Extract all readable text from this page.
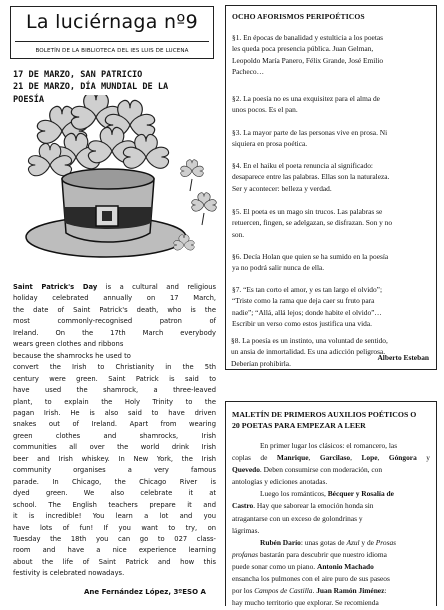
La luciérnaga nº9
BOLETÍN DE LA BIBLIOTECA DEL IES LUIS DE LUCENA
17 DE MARZO, SAN PATRICIO
21 DE MARZO, DÍA MUNDIAL DE LA
POESÍA
Saint Patrick's Day is a cultural and religious
holiday celebrated annually on 17 March,
the date of Saint Patrick's death, who is the
most commonly-recognised patron of
Ireland. On the 17th March everybody
wears green clothes and ribbons
because the shamrocks he used to
convert the Irish to Christianity in the 5th
century were green. Saint Patrick is said to
have used the shamrock, a three-leaved
plant, to explain the Holy Trinity to the
pagan Irish. He is also said to have driven
snakes out of Ireland. Apart from wearing
green clothes and shamrocks, Irish
communities all over the world drink Irish
beer and Irish whiskey. In New York, the Irish
community organises a very famous
parade. In Chicago, the Chicago River is
dyed green. We also celebrate it at
school. The English teachers prepare it and
it is incredible! You learn a lot and you
have lots of fun! If you want to try, on
Tuesday the 18th you can go to 027 class-
room and have a nice experience learning
about the life of Saint Patrick and how this
festivity is celebrated nowadays.
Ane Fernández López, 3ºESO A
OCHO AFORISMOS PERIPOÉTICOS
§1. En épocas de banalidad y estulticia a los poetas
les queda poca presencia pública. Juan Gelman,
Leopoldo María Panero, Félix Grande, José Emilio
Pacheco…
§2. La poesía no es una exquisitez para el alma de
unos pocos. Es el pan.
§3. La mayor parte de las personas vive en prosa. Ni
siquiera en prosa poética.
§4. En el haiku el poeta renuncia al significado:
desaparece entre las palabras. Ellas son la naturaleza.
Ser y acontecer: belleza y verdad.
§5. El poeta es un mago sin trucos. Las palabras se
retuercen, fingen, se adelgazan, se disfrazan. Son y no
son.
§6. Decía Holan que quien se ha sumido en la poesía
ya no podrá salir nunca de ella.
§7. “Es tan corto el amor, y es tan largo el olvido”;
“Triste como la rama que deja caer su fruto para
nadie”; “Allá, allá lejos; donde habite el olvido”…
Escribir un verso como estos justifica una vida.
Alberto Esteban
MALETÍN DE PRIMEROS AUXILIOS POÉTICOS O
20 POETAS PARA EMPEZAR A LEER
En primer lugar los clásicos: el romancero, las
coplas de Manrique, Garcilaso, Lope, Góngora y
Quevedo. Deben consumirse con moderación, con
antologías y ediciones anotadas.
Luego los románticos, Bécquer y Rosalía de
Castro. Hay que saborear la emoción honda sin
atragantarse con un exceso de golondrinas y
lágrimas.
Rubén Darío: unas gotas de Azul y de Prosas
profanas bastarán para descubrir que nuestro idioma
puede sonar como un piano. Antonio Machado
ensancha los pulmones con el aire puro de sus paseos
por los Campos de Castilla. Juan Ramón Jiménez:
hay mucho territorio que explorar. Se recomienda
§8. La poesía es un instinto, una voluntad de sentido,
un ansia de inmortalidad. Es una adicción peligrosa.
Deberían prohibirla.
